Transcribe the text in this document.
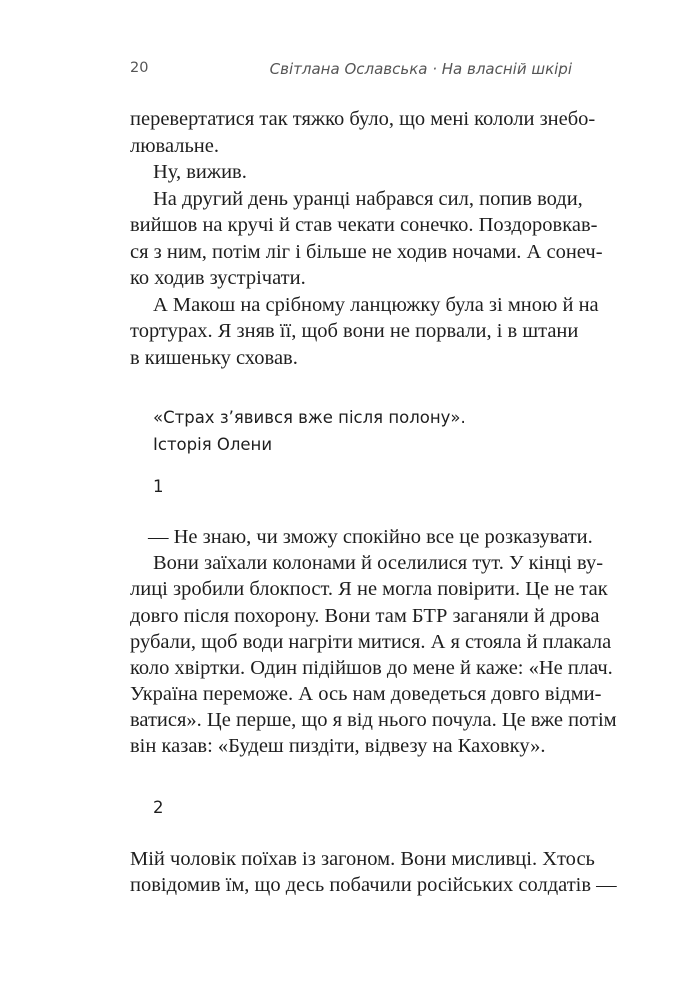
20	Світлана Ославська · На власній шкірі
перевертатися так тяжко було, що мені кололи знебо-
лювальне.
Ну, вижив.
На другий день уранці набрався сил, попив води,
вийшов на кручі й став чекати сонечко. Поздоровкав-
ся з ним, потім ліг і більше не ходив ночами. А сонеч-
ко ходив зустрічати.
А Макош на срібному ланцюжку була зі мною й на
тортурах. Я зняв її, щоб вони не порвали, і в штани
в кишеньку сховав.
«Страх з’явився вже після полону».
Історія Олени
1
— Не знаю, чи зможу спокійно все це розказувати.
Вони заїхали колонами й оселилися тут. У кінці ву-
лиці зробили блокпост. Я не могла повірити. Це не так
довго після похорону. Вони там БТР заганяли й дрова
рубали, щоб води нагріти митися. А я стояла й плакала
коло хвіртки. Один підійшов до мене й каже: «Не плач.
Україна переможе. А ось нам доведеться довго відми-
ватися». Це перше, що я від нього почула. Це вже потім
він казав: «Будеш пиздіти, відвезу на Каховку».
2
Мій чоловік поїхав із загоном. Вони мисливці. Хтось
повідомив їм, що десь побачили російських солдатів —
